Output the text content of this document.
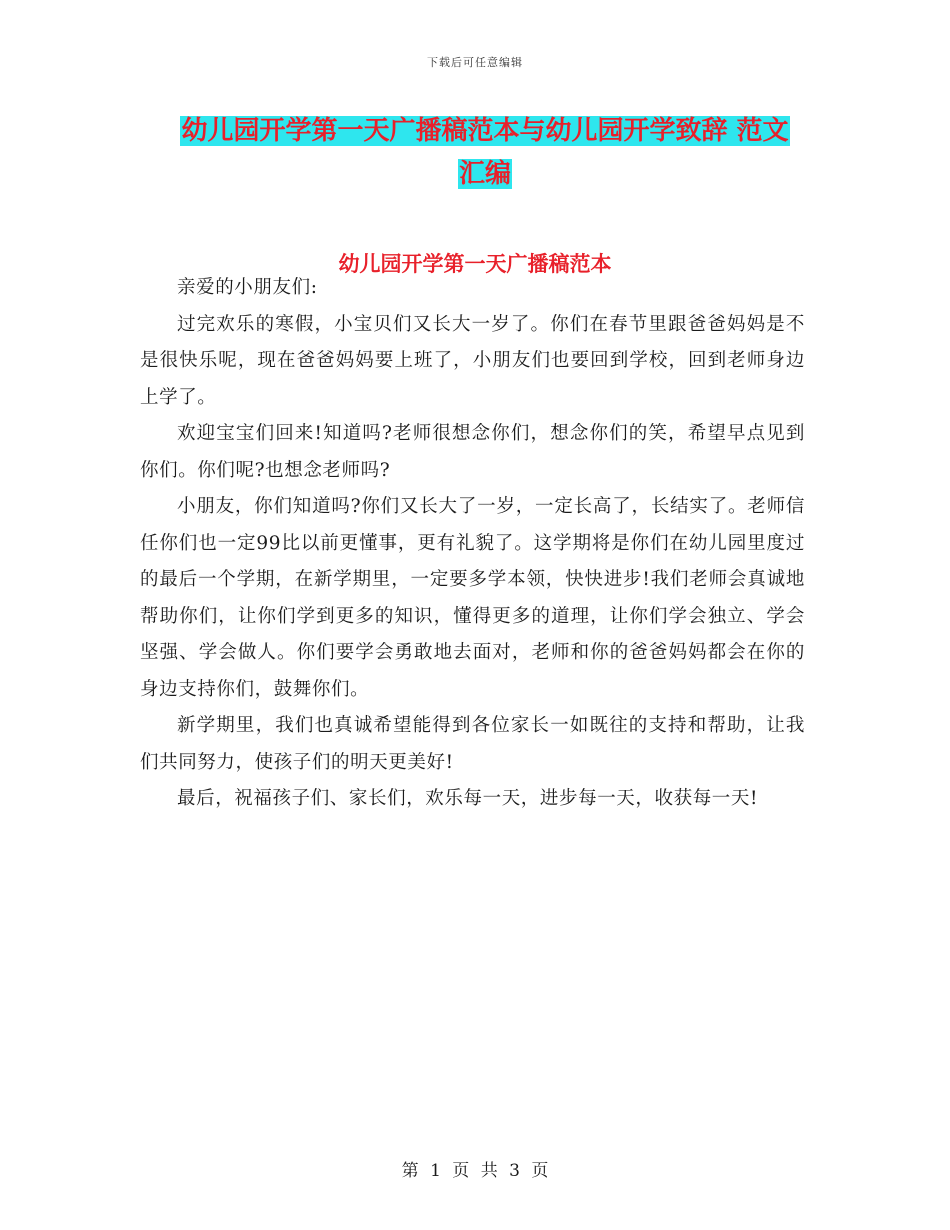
下载后可任意编辑
幼儿园开学第一天广播稿范本与幼儿园开学致辞 范文
汇编
幼儿园开学第一天广播稿范本

亲爱的小朋友们:

过完欢乐的寒假，小宝贝们又长大一岁了。你们在春节里跟爸爸妈妈是不是很快乐呢，现在爸爸妈妈要上班了，小朋友们也要回到学校，回到老师身边上学了。

欢迎宝宝们回来!知道吗?老师很想念你们，想念你们的笑，希望早点见到你们。你们呢?也想念老师吗?

小朋友，你们知道吗?你们又长大了一岁，一定长高了，长结实了。老师信任你们也一定99比以前更懂事，更有礼貌了。这学期将是你们在幼儿园里度过的最后一个学期，在新学期里，一定要多学本领，快快进步!我们老师会真诚地帮助你们，让你们学到更多的知识，懂得更多的道理，让你们学会独立、学会坚强、学会做人。你们要学会勇敢地去面对，老师和你的爸爸妈妈都会在你的身边支持你们，鼓舞你们。

新学期里，我们也真诚希望能得到各位家长一如既往的支持和帮助，让我们共同努力，使孩子们的明天更美好!

最后，祝福孩子们、家长们，欢乐每一天，进步每一天，收获每一天!

第 1 页 共 3 页
